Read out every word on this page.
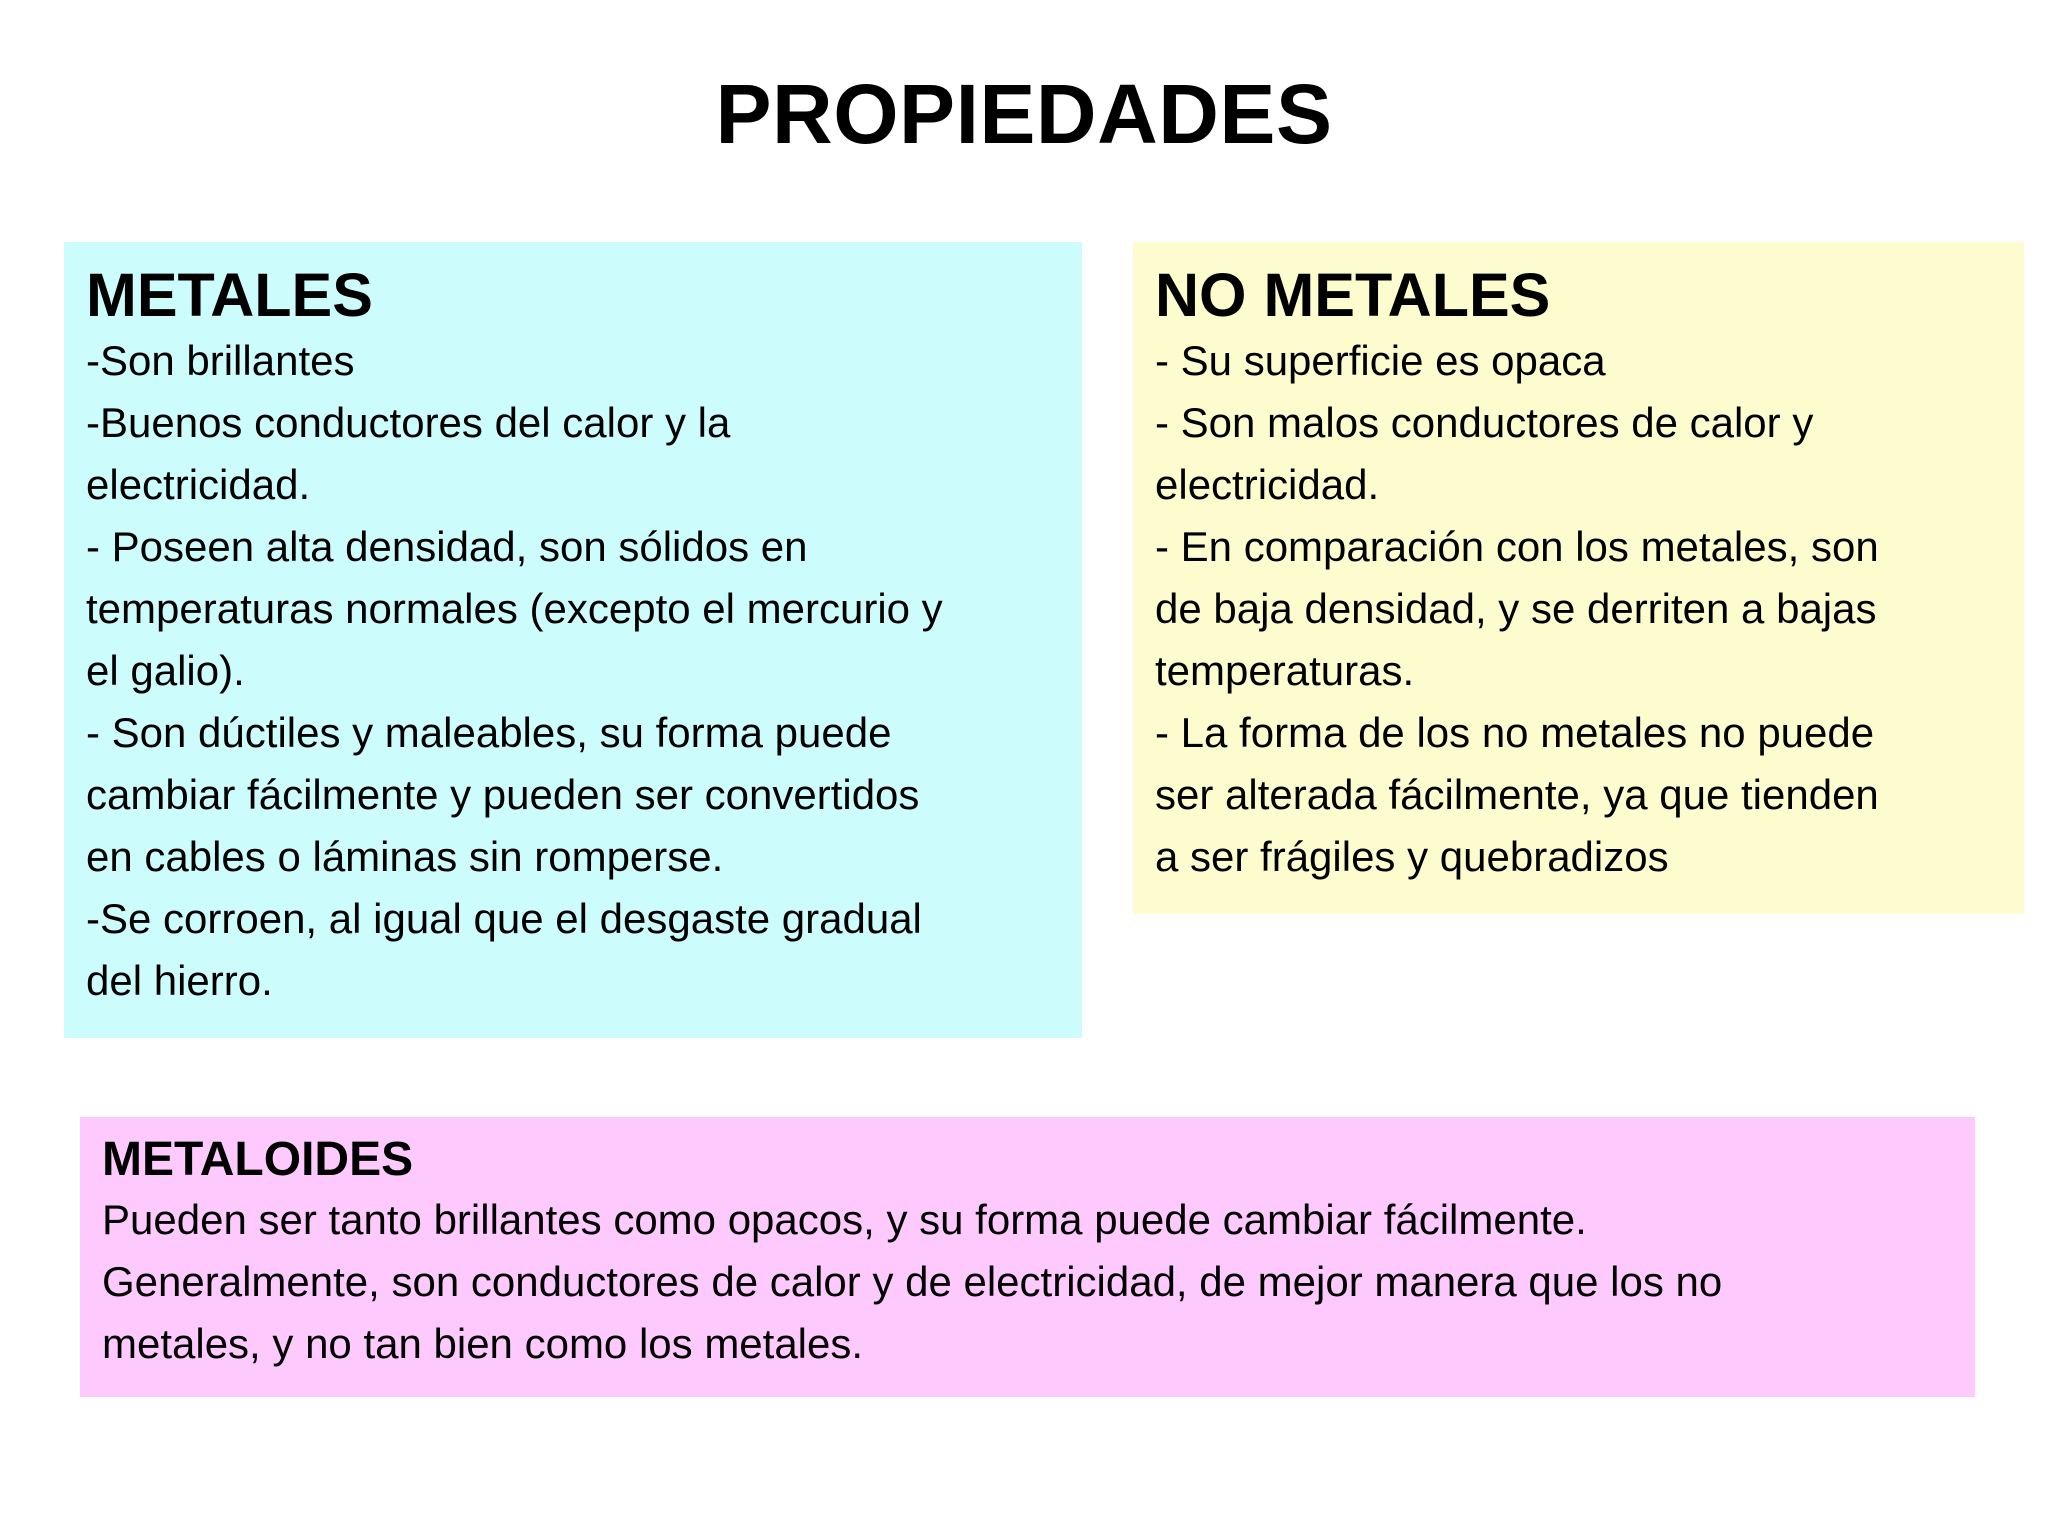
PROPIEDADES
METALES
-Son brillantes
-Buenos conductores del calor y la
electricidad.
- Poseen alta densidad, son sólidos en
temperaturas normales (excepto el mercurio y
el galio).
- Son dúctiles y maleables, su forma puede
cambiar fácilmente y pueden ser convertidos
en cables o láminas sin romperse.
-Se corroen, al igual que el desgaste gradual
del hierro.
NO METALES
- Su superficie es opaca
- Son malos conductores de calor y
electricidad.
- En comparación con los metales, son
de baja densidad, y se derriten a bajas
temperaturas.
- La forma de los no metales no puede
ser alterada fácilmente, ya que tienden
a ser frágiles y quebradizos
METALOIDES
Pueden ser tanto brillantes como opacos, y su forma puede cambiar fácilmente.
Generalmente, son conductores de calor y de electricidad, de mejor manera que los no
metales, y no tan bien como los metales.
